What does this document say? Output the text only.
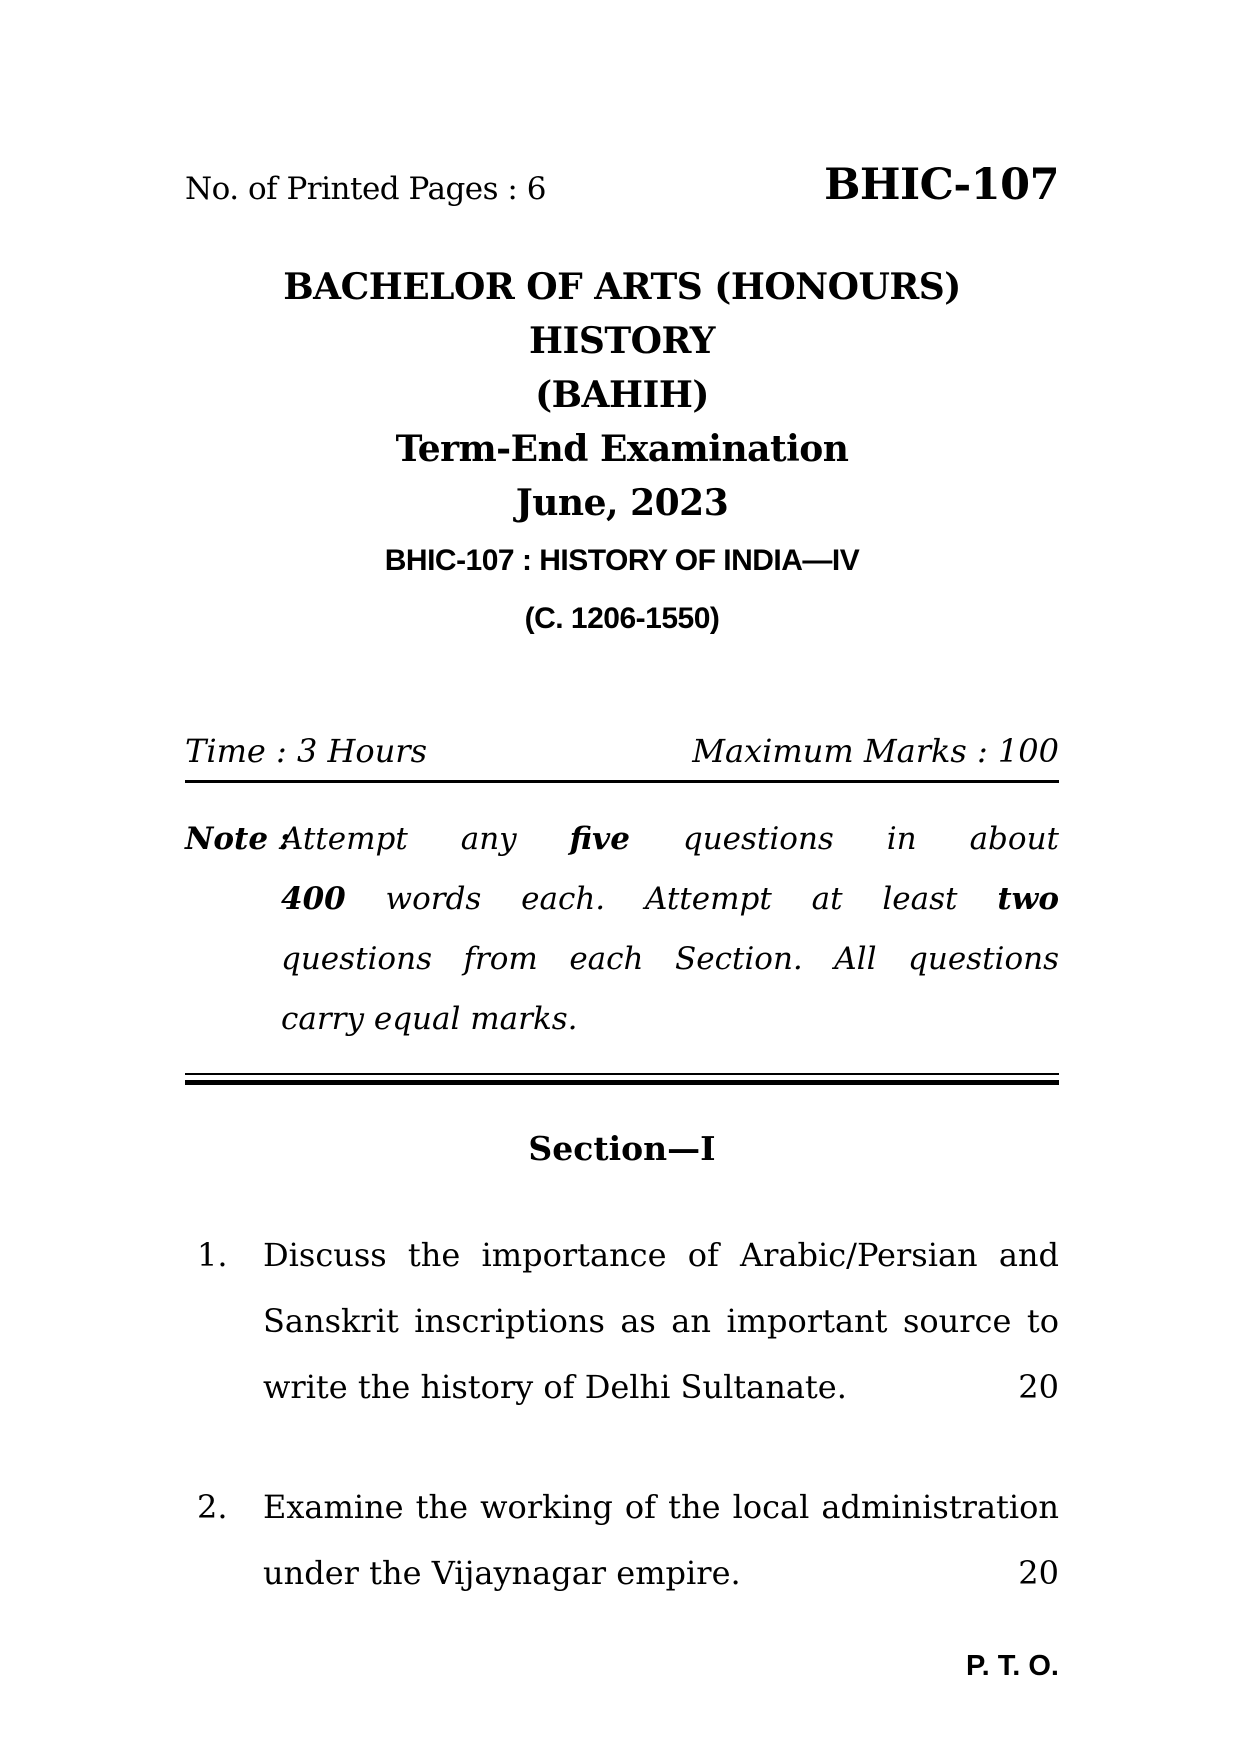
No. of Printed Pages : 6	BHIC-107
BACHELOR OF ARTS (HONOURS)
HISTORY
(BAHIH)
Term-End Examination
June, 2023
BHIC-107 : HISTORY OF INDIA—IV
(C. 1206-1550)
Time : 3 Hours	Maximum Marks : 100
Note :
Attempt any five questions in about
400 words each. Attempt at least two
questions from each Section. All questions
carry equal marks.
Section—I
1.	Discuss the importance of Arabic/Persian and
Sanskrit inscriptions as an important source to
write the history of Delhi Sultanate.	20
2.	Examine the working of the local administration
under the Vijaynagar empire.	20
P. T. O.
